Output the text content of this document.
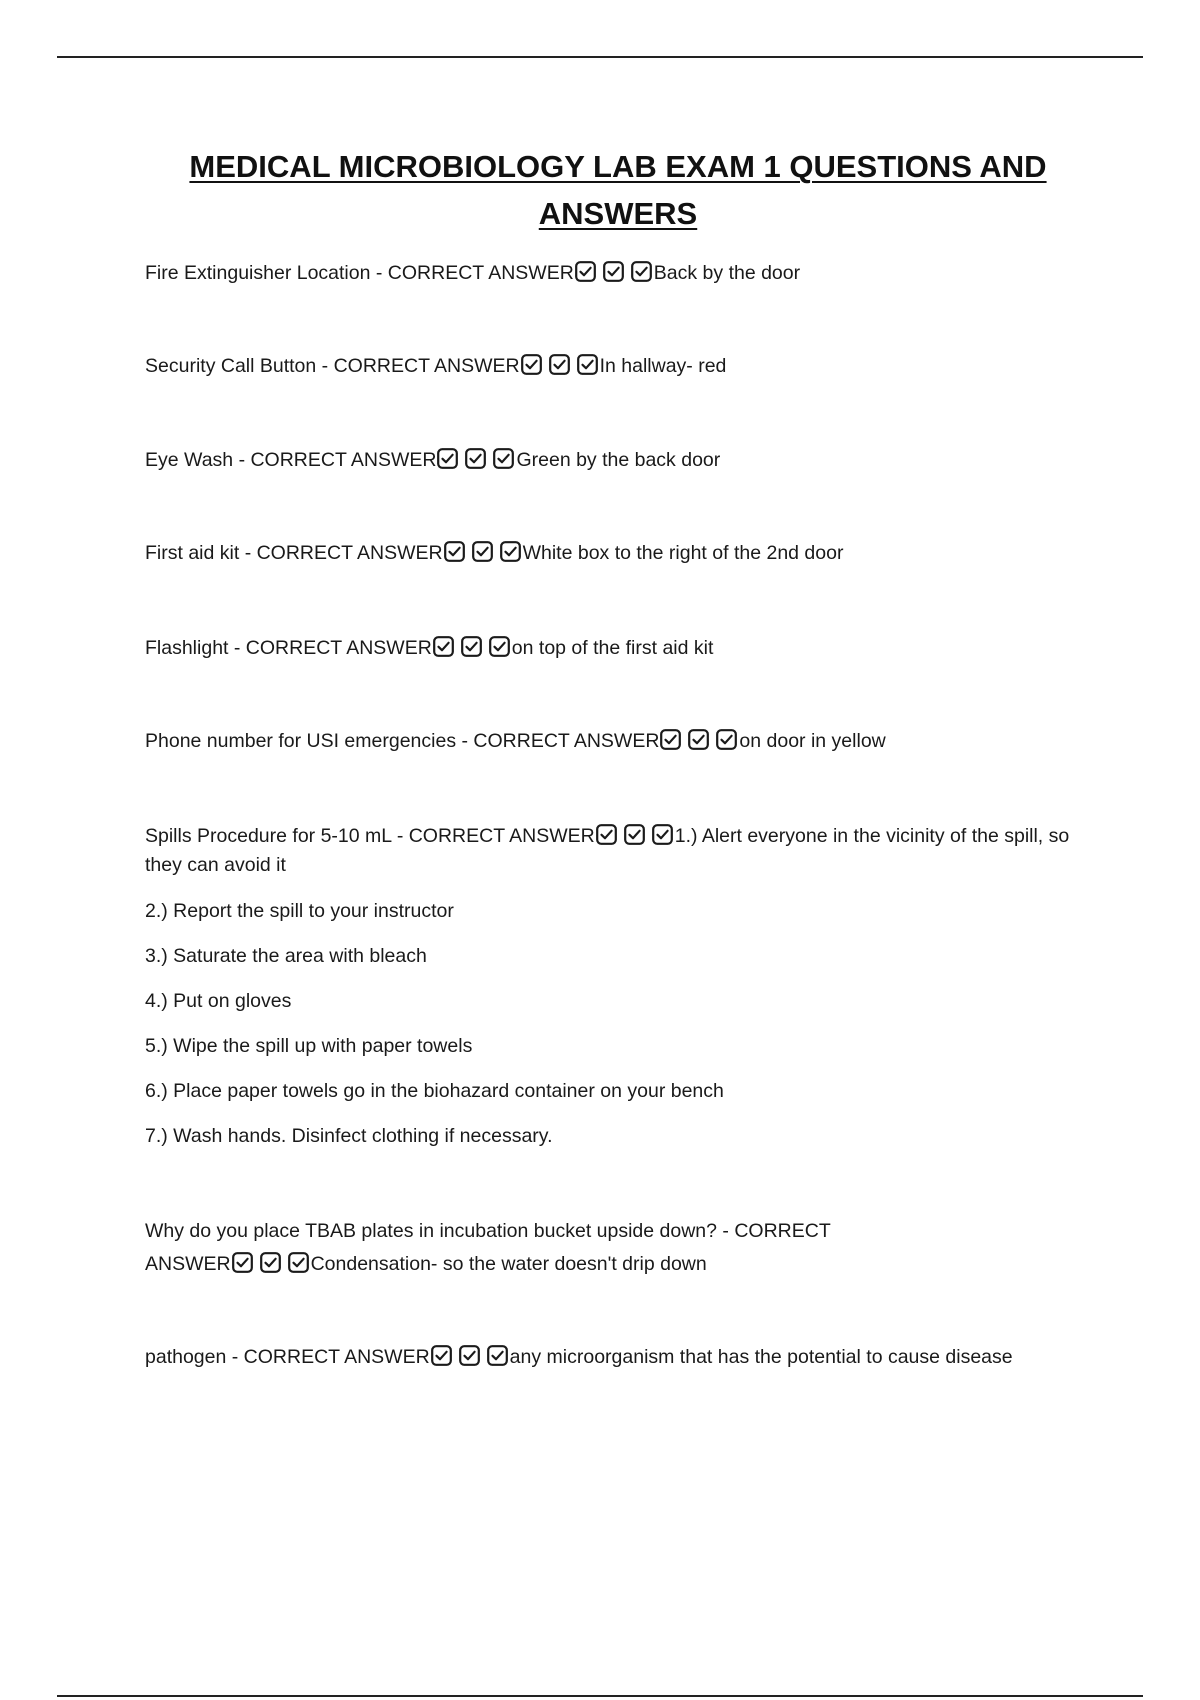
MEDICAL MICROBIOLOGY LAB EXAM 1 QUESTIONS AND
ANSWERS

Fire Extinguisher Location - CORRECT ANSWER	Back by the door

Security Call Button - CORRECT ANSWER	In hallway- red

Eye Wash - CORRECT ANSWER	Green by the back door

First aid kit - CORRECT ANSWER	White box to the right of the 2nd door

Flashlight - CORRECT ANSWER	on top of the first aid kit

Phone number for USI emergencies - CORRECT ANSWER	on door in yellow

Spills Procedure for 5-10 mL - CORRECT ANSWER	1.) Alert everyone in the vicinity of the spill, so they can avoid it

2.) Report the spill to your instructor

3.) Saturate the area with bleach

4.) Put on gloves

5.) Wipe the spill up with paper towels

6.) Place paper towels go in the biohazard container on your bench

7.) Wash hands. Disinfect clothing if necessary.

Why do you place TBAB plates in incubation bucket upside down? - CORRECT
ANSWER	Condensation- so the water doesn't drip down

pathogen - CORRECT ANSWER	any microorganism that has the potential to cause disease
